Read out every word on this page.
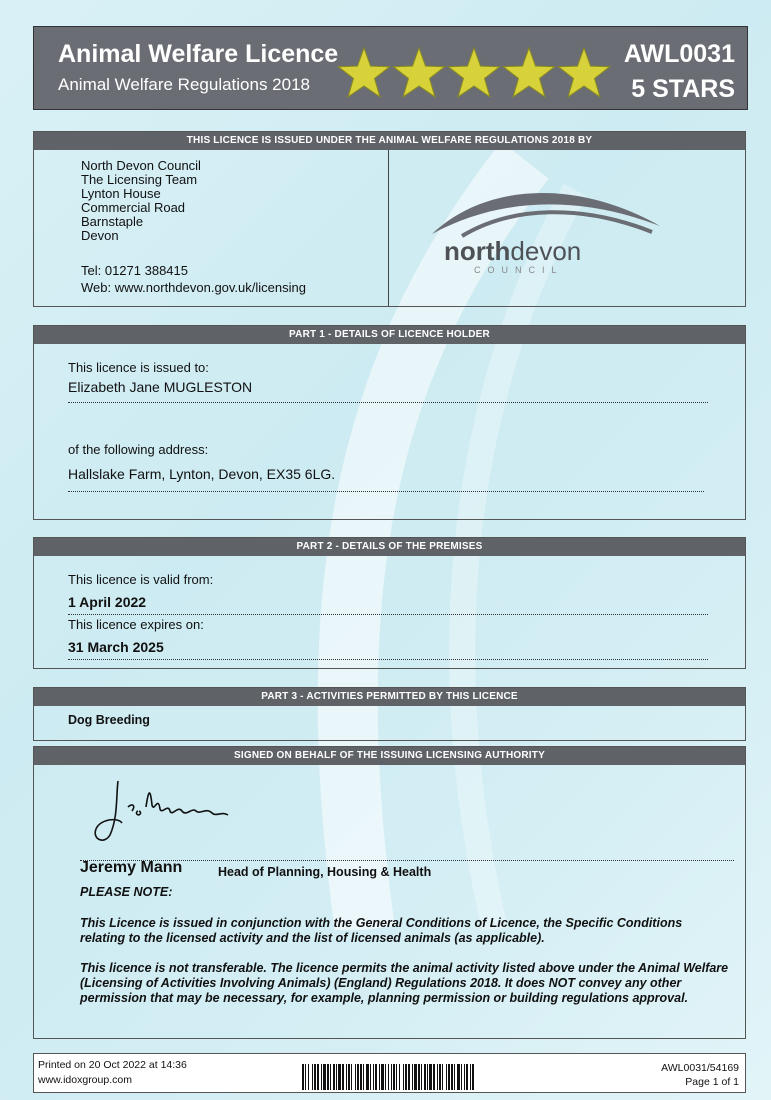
Animal Welfare Licence
Animal Welfare Regulations 2018
AWL0031
5 STARS
THIS LICENCE IS ISSUED UNDER THE ANIMAL WELFARE REGULATIONS 2018 BY
North Devon Council
The Licensing Team
Lynton House
Commercial Road
Barnstaple
Devon
Tel: 01271 388415
Web: www.northdevon.gov.uk/licensing
northdevon
COUNCIL
PART 1 - DETAILS OF LICENCE HOLDER
This licence is issued to:
Elizabeth Jane MUGLESTON
of the following address:
Hallslake Farm, Lynton, Devon, EX35 6LG.
PART 2 - DETAILS OF THE PREMISES
This licence is valid from:
1 April 2022
This licence expires on:
31 March 2025
PART 3 - ACTIVITIES PERMITTED BY THIS LICENCE
Dog Breeding
SIGNED ON BEHALF OF THE ISSUING LICENSING AUTHORITY
Jeremy Mann	Head of Planning, Housing & Health
PLEASE NOTE:
This Licence is issued in conjunction with the General Conditions of Licence, the Specific Conditions relating to the licensed activity and the list of licensed animals (as applicable).
This licence is not transferable. The licence permits the animal activity listed above under the Animal Welfare (Licensing of Activities Involving Animals) (England) Regulations 2018. It does NOT convey any other permission that may be necessary, for example, planning permission or building regulations approval.
Printed on 20 Oct 2022 at 14:36
www.idoxgroup.com
AWL0031/54169
Page 1 of 1
